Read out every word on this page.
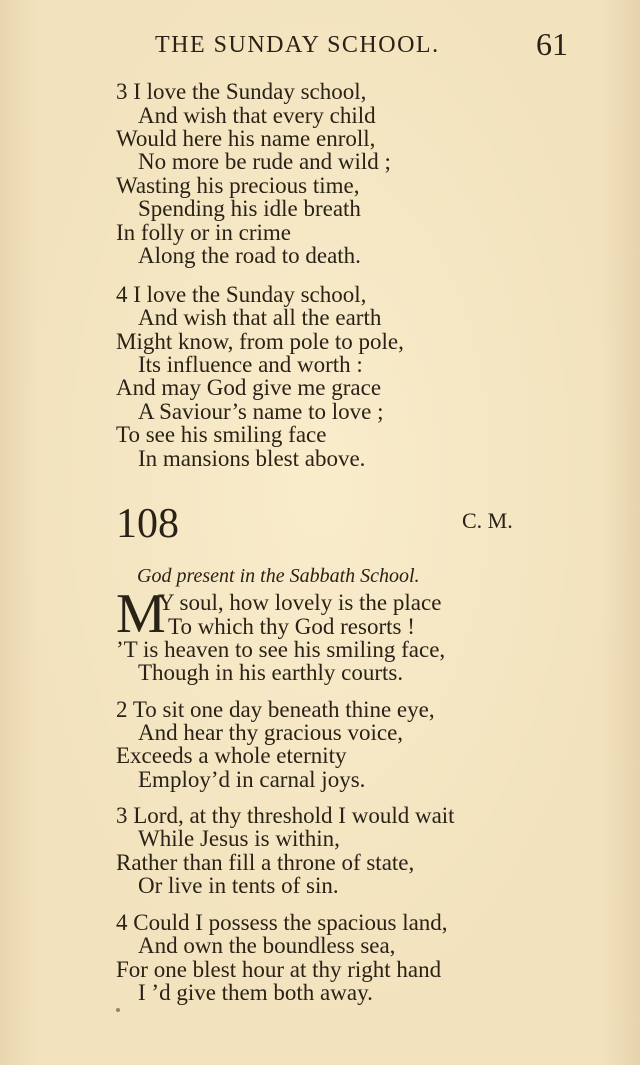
THE SUNDAY SCHOOL.	61
3 I love the Sunday school,
And wish that every child
Would here his name enroll,
No more be rude and wild ;
Wasting his precious time,
Spending his idle breath
In folly or in crime
Along the road to death.
4 I love the Sunday school,
And wish that all the earth
Might know, from pole to pole,
Its influence and worth :
And may God give me grace
A Saviour’s name to love ;
To see his smiling face
In mansions blest above.
108	C. M.
God present in the Sabbath School.
M
Y soul, how lovely is the place
To which thy God resorts !
’T is heaven to see his smiling face,
Though in his earthly courts.
2 To sit one day beneath thine eye,
And hear thy gracious voice,
Exceeds a whole eternity
Employ’d in carnal joys.
3 Lord, at thy threshold I would wait
While Jesus is within,
Rather than fill a throne of state,
Or live in tents of sin.
4 Could I possess the spacious land,
And own the boundless sea,
For one blest hour at thy right hand
I ’d give them both away.
